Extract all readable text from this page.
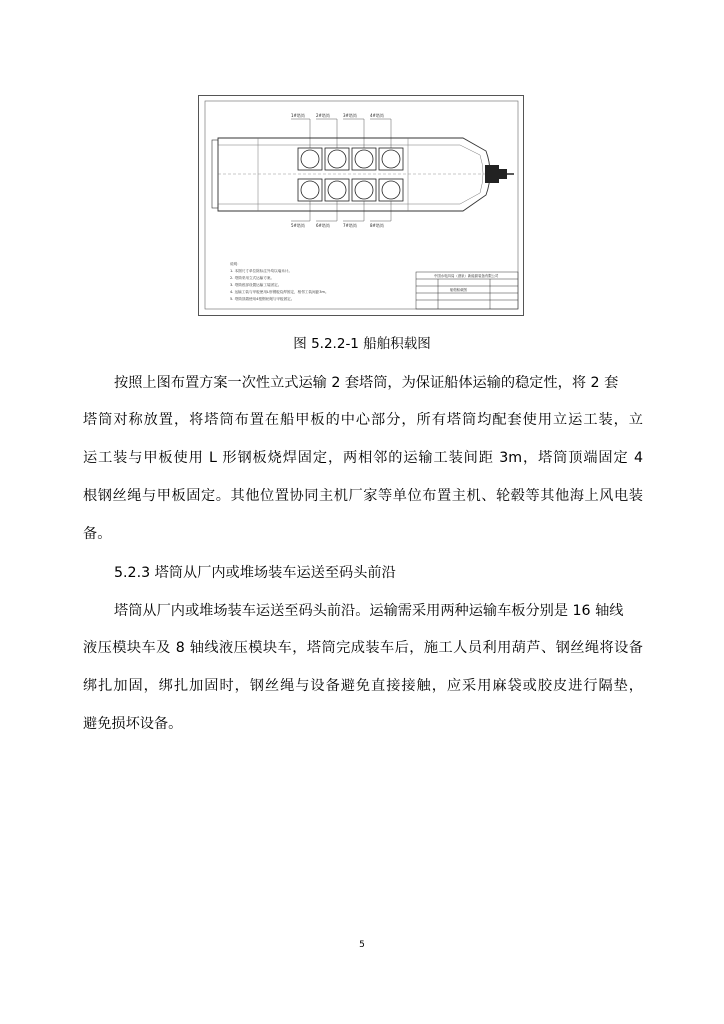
1#塔筒	2#塔筒	3#塔筒	4#塔筒
5#塔筒	6#塔筒	7#塔筒	8#塔筒
说明：
1. 本图尺寸单位除标注外均以毫米计。
2. 塔筒采用立式运输方案。
3. 塔筒底部设置运输工装固定。
4. 运输工装与甲板使用L形钢板烧焊固定，相邻工装间距3m。
5. 塔筒顶端使用4根钢丝绳与甲板固定。
中国水电四局（酒泉）新能源装备有限公司
船舶积载图
图 5.2.2-1 船舶积载图
按照上图布置方案一次性立式运输 2 套塔筒，为保证船体运输的稳定性，将 2 套
塔筒对称放置，将塔筒布置在船甲板的中心部分，所有塔筒均配套使用立运工装，立
运工装与甲板使用 L 形钢板烧焊固定，两相邻的运输工装间距 3m，塔筒顶端固定 4
根钢丝绳与甲板固定。其他位置协同主机厂家等单位布置主机、轮毂等其他海上风电装
备。
5.2.3 塔筒从厂内或堆场装车运送至码头前沿
塔筒从厂内或堆场装车运送至码头前沿。运输需采用两种运输车板分别是 16 轴线
液压模块车及 8 轴线液压模块车，塔筒完成装车后，施工人员利用葫芦、钢丝绳将设备
绑扎加固，绑扎加固时，钢丝绳与设备避免直接接触，应采用麻袋或胶皮进行隔垫，
避免损坏设备。
5
